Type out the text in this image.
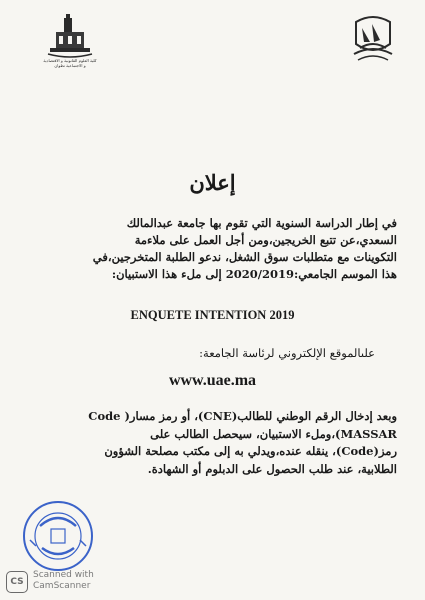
كلية العلوم القانونية و الاقتصادية
و الاجتماعية تطوان
إعلان
في إطار الدراسة السنوية التي تقوم بها جامعة عبدالمالك
السعدي،عن تتبع الخريجين،ومن أجل العمل على ملاءمة
التكوينات مع متطلبات سوق الشغل، ندعو الطلبة المتخرجين،في
هذا الموسم الجامعي:2020/2019 إلى ملء هذا الاستبيان:
ENQUETE INTENTION 2019
علىالموقع الإلكتروني لرئاسة الجامعة:
www.uae.ma
وبعد إدخال الرقم الوطني للطالب(CNE)، أو رمز مسار( Code
MASSAR)،وملء الاستبيان، سيحصل الطالب على
رمز(Code)، ينقله عنده،ويدلي به إلى مكتب مصلحة الشؤون
الطلابية، عند طلب الحصول على الدبلوم أو الشهادة.
CS
Scanned with
CamScanner
